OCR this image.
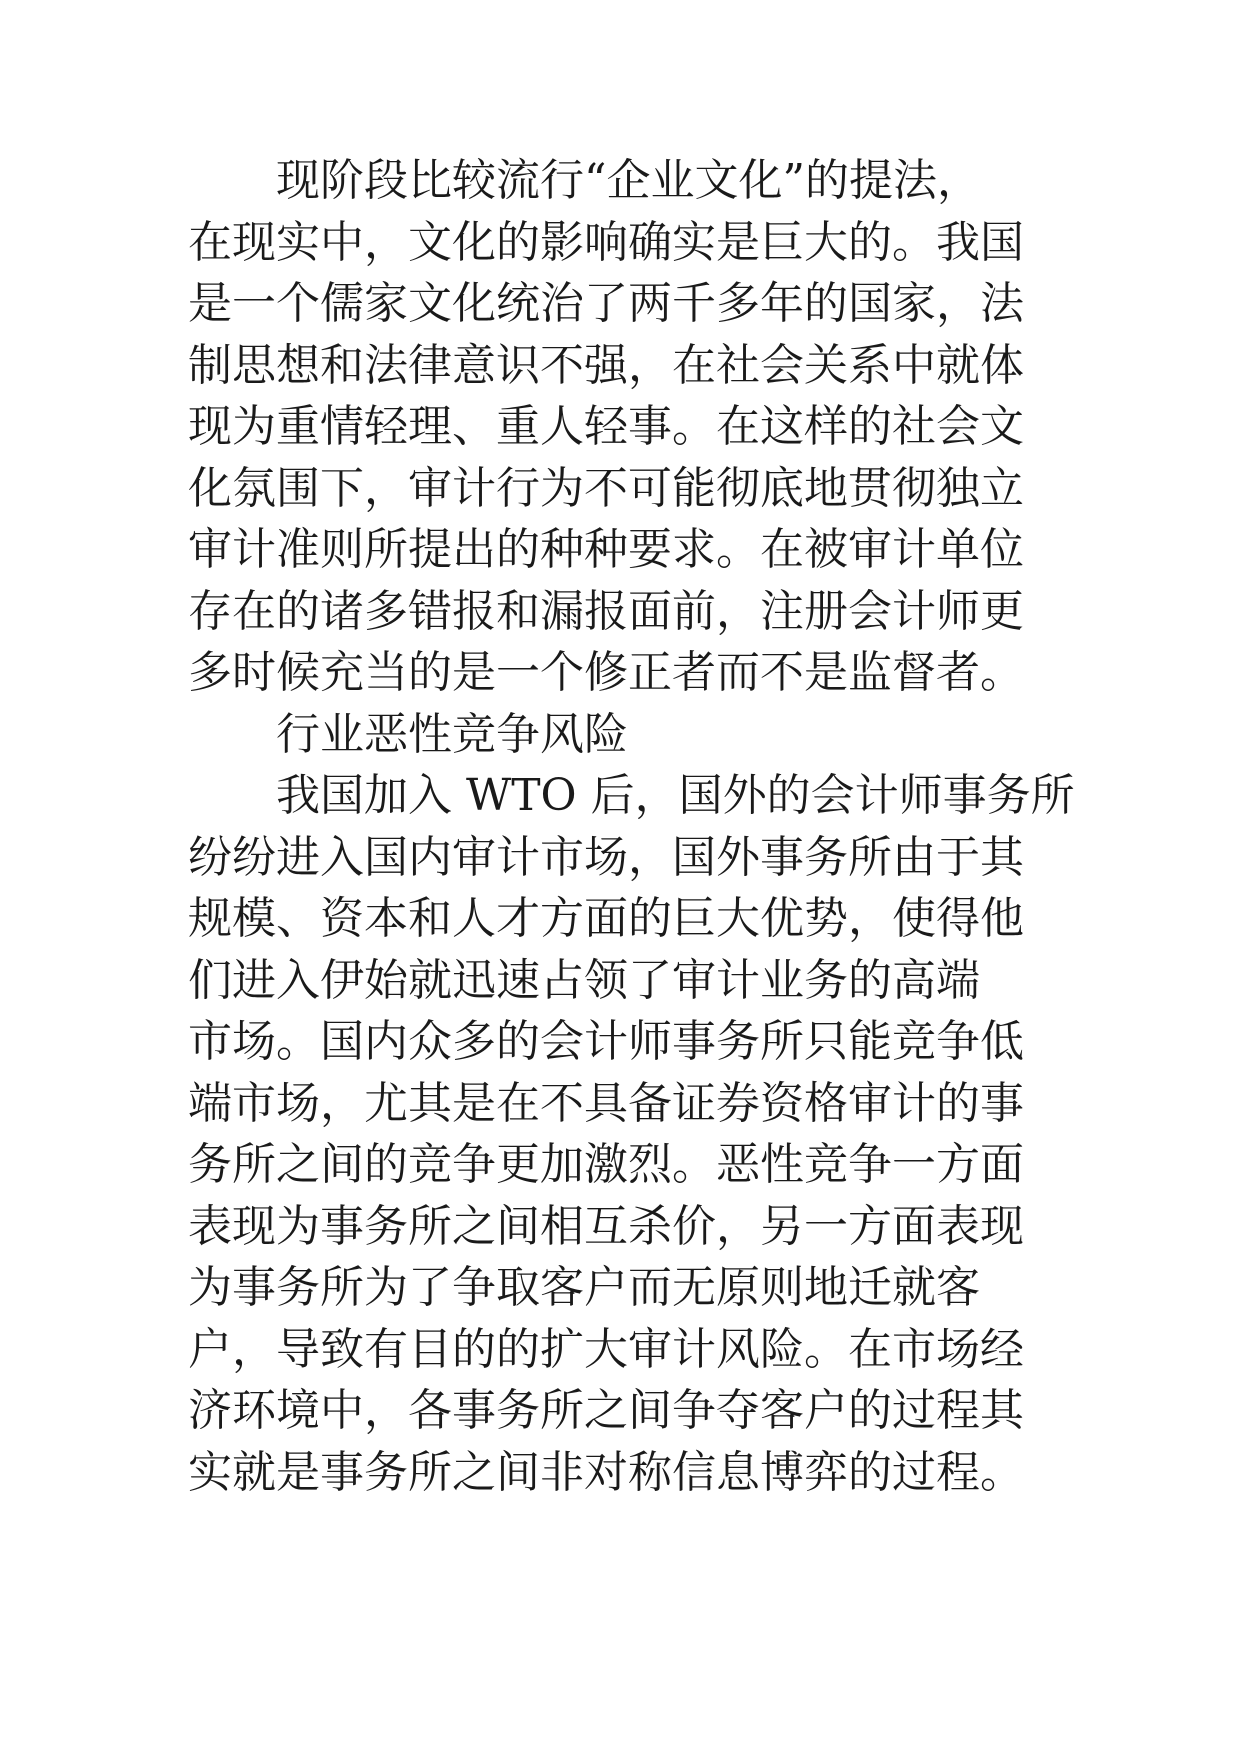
现阶段比较流行“企业文化”的提法，
在现实中，文化的影响确实是巨大的。我国
是一个儒家文化统治了两千多年的国家，法
制思想和法律意识不强，在社会关系中就体
现为重情轻理、重人轻事。在这样的社会文
化氛围下，审计行为不可能彻底地贯彻独立
审计准则所提出的种种要求。在被审计单位
存在的诸多错报和漏报面前，注册会计师更
多时候充当的是一个修正者而不是监督者。
行业恶性竞争风险
我国加入 WTO 后，国外的会计师事务所
纷纷进入国内审计市场，国外事务所由于其
规模、资本和人才方面的巨大优势，使得他
们进入伊始就迅速占领了审计业务的高端
市场。国内众多的会计师事务所只能竞争低
端市场，尤其是在不具备证券资格审计的事
务所之间的竞争更加激烈。恶性竞争一方面
表现为事务所之间相互杀价，另一方面表现
为事务所为了争取客户而无原则地迁就客
户，导致有目的的扩大审计风险。在市场经
济环境中，各事务所之间争夺客户的过程其
实就是事务所之间非对称信息博弈的过程。
